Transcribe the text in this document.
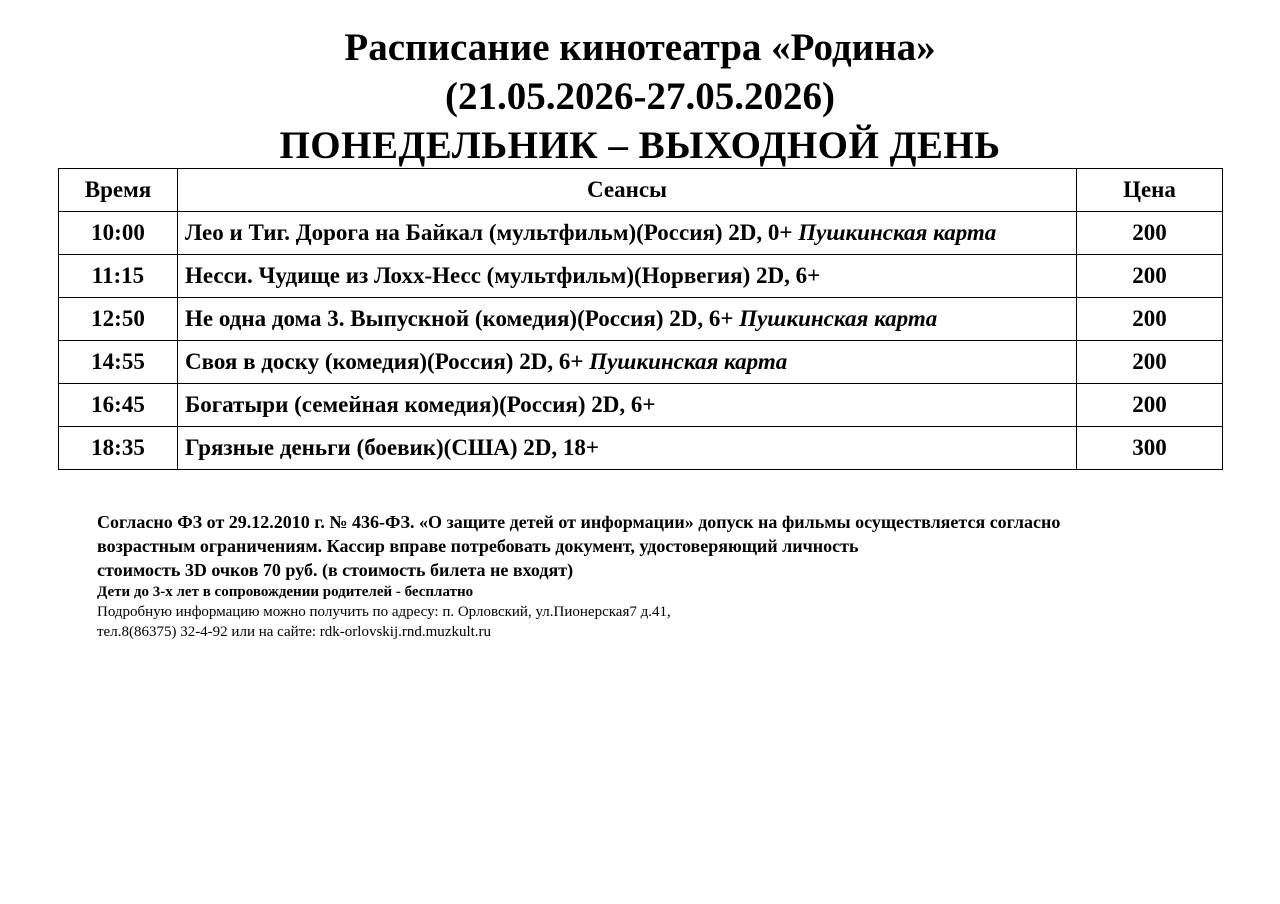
Расписание кинотеатра «Родина»
(21.05.2026-27.05.2026)
ПОНЕДЕЛЬНИК – ВЫХОДНОЙ ДЕНЬ
Время	Сеансы	Цена
10:00	Лео и Тиг. Дорога на Байкал (мультфильм)(Россия) 2D, 0+ Пушкинская карта	200
11:15	Несси. Чудище из Лохх-Несс (мультфильм)(Норвегия) 2D, 6+	200
12:50	Не одна дома 3. Выпускной (комедия)(Россия) 2D, 6+ Пушкинская карта	200
14:55	Своя в доску (комедия)(Россия) 2D, 6+ Пушкинская карта	200
16:45	Богатыри (семейная комедия)(Россия) 2D, 6+	200
18:35	Грязные деньги (боевик)(США) 2D, 18+	300
Согласно ФЗ от 29.12.2010 г. № 436-ФЗ. «О защите детей от информации» допуск на фильмы осуществляется согласно
возрастным ограничениям. Кассир вправе потребовать документ, удостоверяющий личность
стоимость 3D очков 70 руб. (в стоимость билета не входят)
Дети до 3-х лет в сопровождении родителей - бесплатно
Подробную информацию можно получить по адресу: п. Орловский, ул.Пионерская7 д.41,
тел.8(86375) 32-4-92 или на сайте: rdk-orlovskij.rnd.muzkult.ru
